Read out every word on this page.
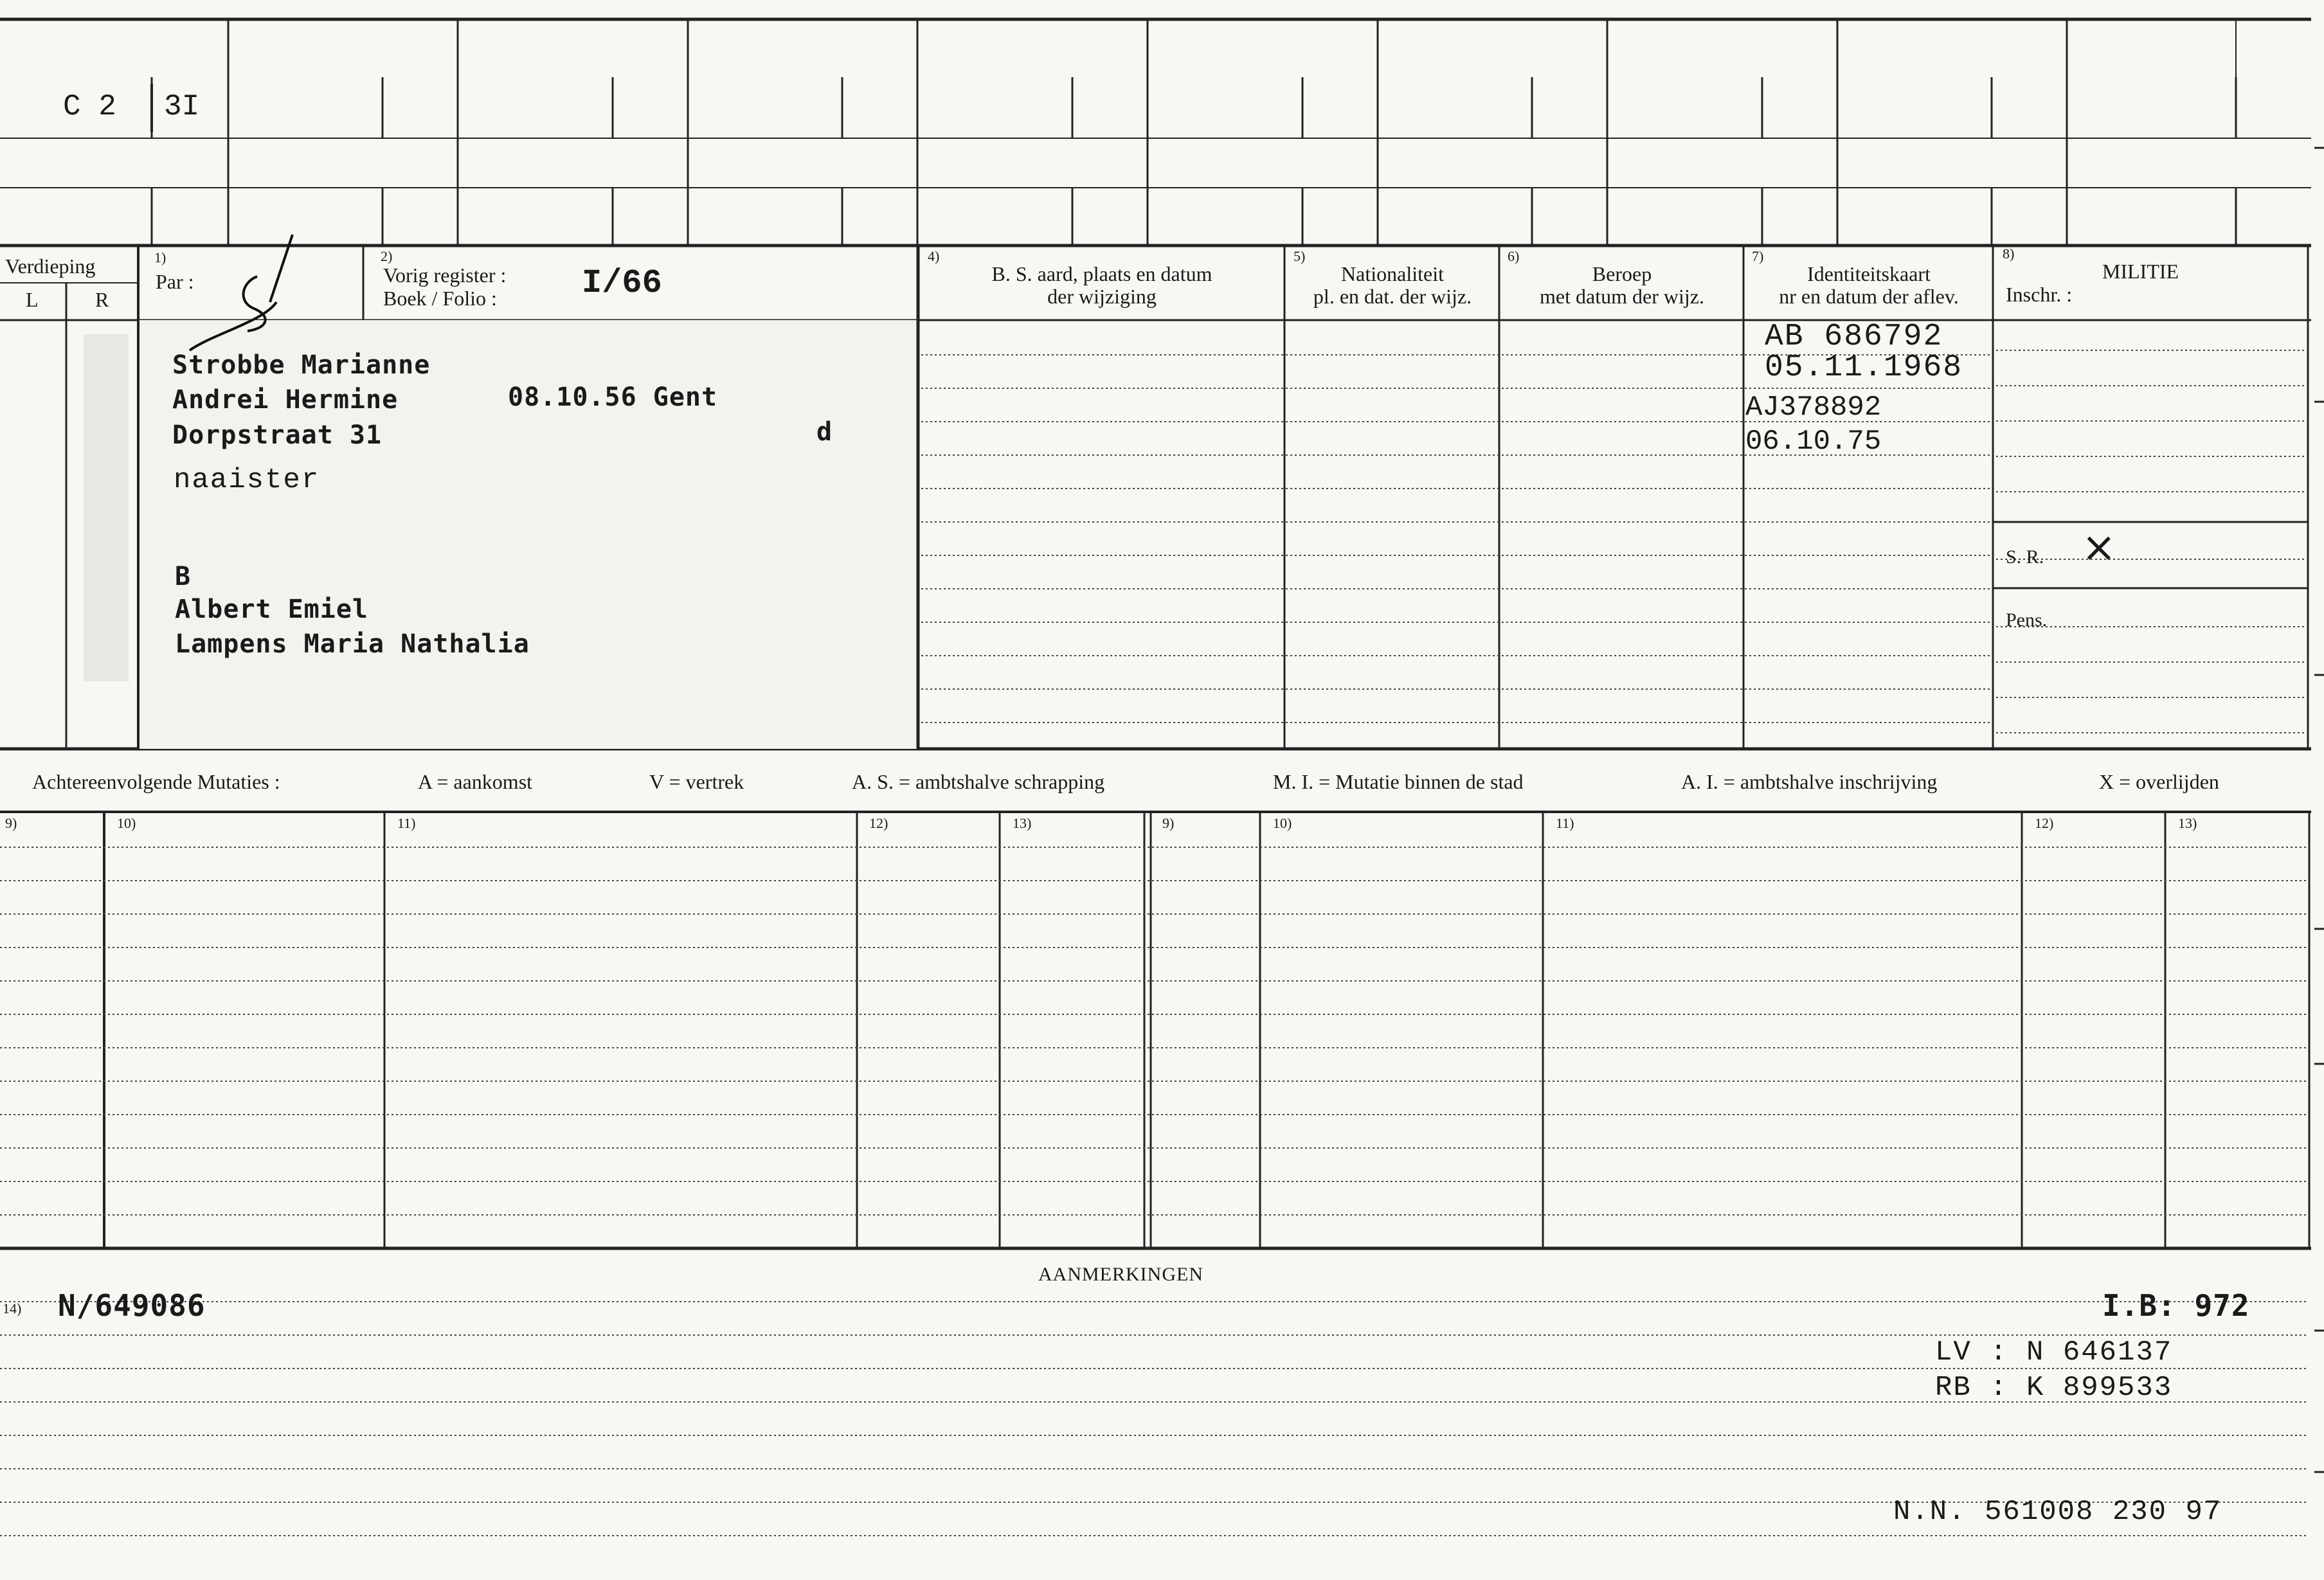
C 2 3I
Verdieping
L	R
1)
Par :
2)
Vorig register :
Boek / Folio :	I/66
4)
B. S. aard, plaats en datum
der wijziging
5)
Nationaliteit
pl. en dat. der wijz.
6)
Beroep
met datum der wijz.
7)
Identiteitskaart
nr en datum der aflev.
8)
MILITIE
Inschr. :
Strobbe Marianne
Andrei Hermine	08.10.56 Gent
Dorpstraat 31	d
naaister
B
Albert Emiel
Lampens Maria Nathalia
AB 686792
05.11.1968
AJ378892
06.10.75
S. R. ×
Pens.
Achtereenvolgende Mutaties :	A = aankomst	V = vertrek	A. S. = ambtshalve schrapping	M. I. = Mutatie binnen de stad	A. I. = ambtshalve inschrijving	X = overlijden
9)	10)	11)	12)	13)	9)	10)	11)	12)	13)
AANMERKINGEN
14) N/649086	I.B: 972
LV : N 646137
RB : K 899533
N.N. 561008 230 97
